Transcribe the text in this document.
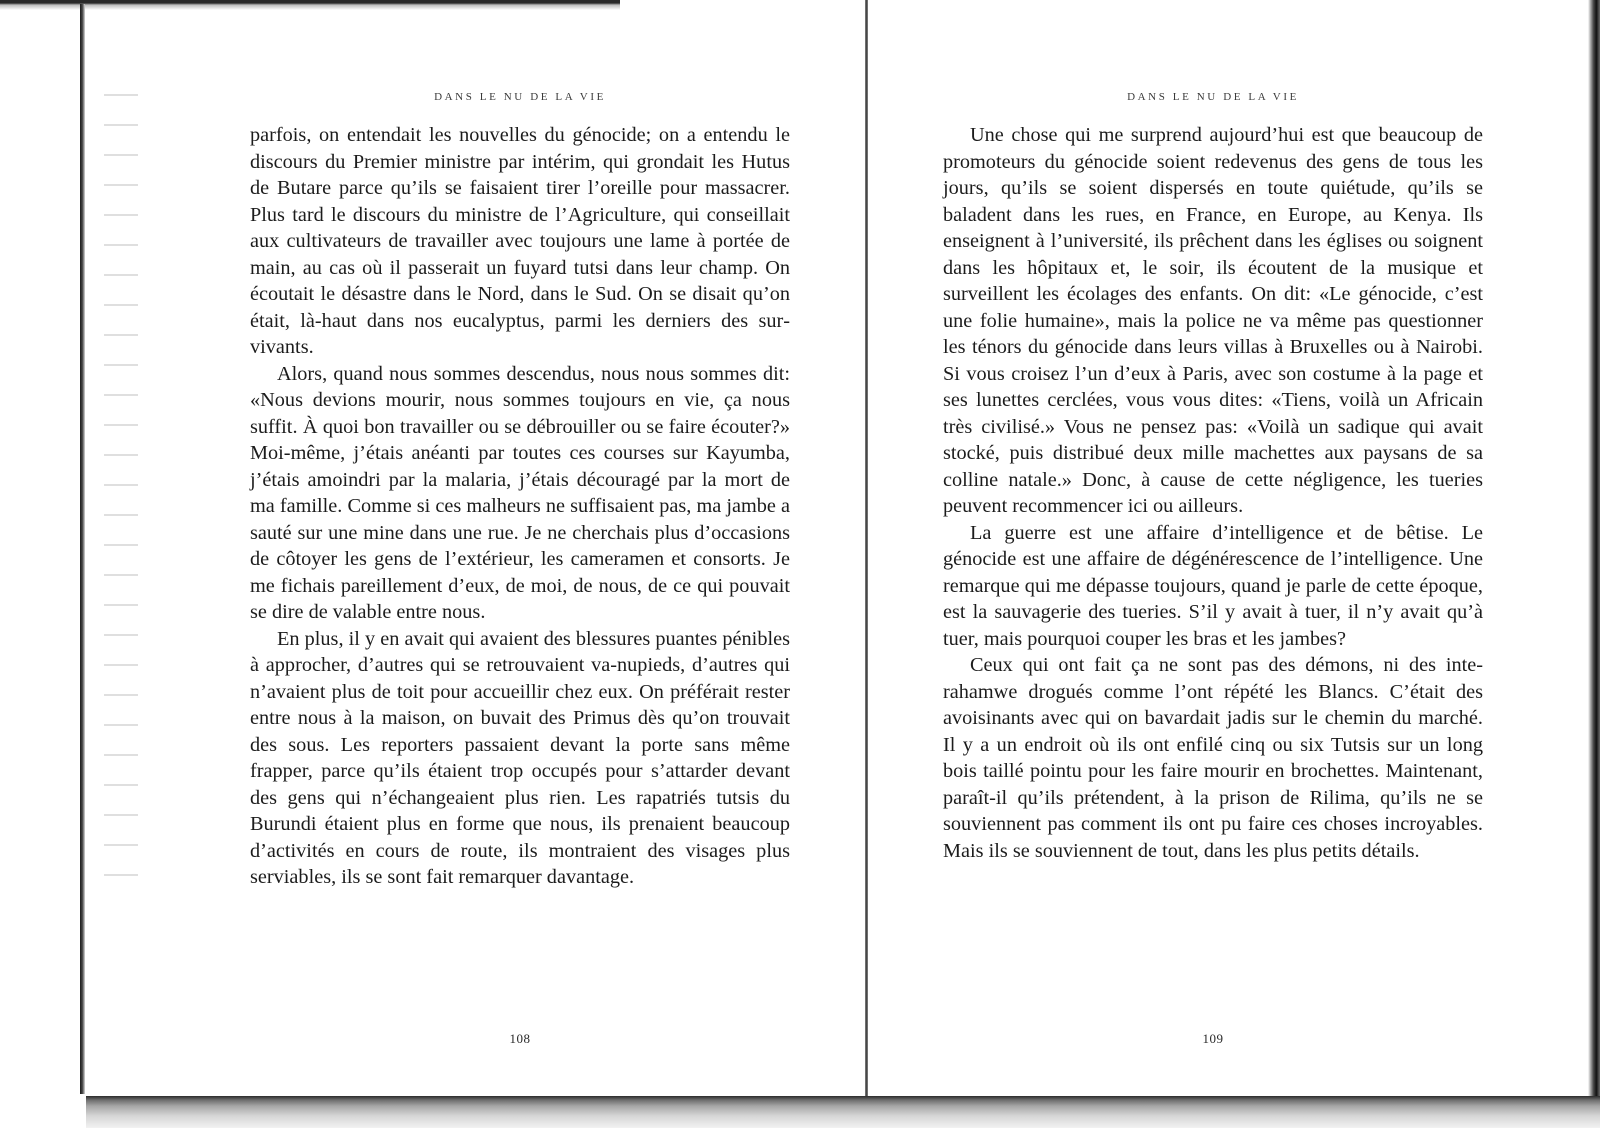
DANS LE NU DE LA VIE

parfois, on entendait les nouvelles du génocide; on a entendu le discours du Premier ministre par intérim, qui grondait les Hutus de Butare parce qu’ils se faisaient tirer l’oreille pour massacrer. Plus tard le discours du ministre de l’Agriculture, qui conseillait aux cultivateurs de travailler avec toujours une lame à portée de main, au cas où il passerait un fuyard tutsi dans leur champ. On écoutait le désastre dans le Nord, dans le Sud. On se disait qu’on était, là-haut dans nos eucalyptus, parmi les derniers des survivants.

Alors, quand nous sommes descendus, nous nous sommes dit: «Nous devions mourir, nous sommes toujours en vie, ça nous suffit. À quoi bon travailler ou se débrouiller ou se faire écouter?» Moi-même, j’étais anéanti par toutes ces courses sur Kayumba, j’étais amoindri par la malaria, j’étais découragé par la mort de ma famille. Comme si ces malheurs ne suffisaient pas, ma jambe a sauté sur une mine dans une rue. Je ne cherchais plus d’occasions de côtoyer les gens de l’extérieur, les cameramen et consorts. Je me fichais pareillement d’eux, de moi, de nous, de ce qui pouvait se dire de valable entre nous.

En plus, il y en avait qui avaient des blessures puantes pénibles à approcher, d’autres qui se retrouvaient va-nupieds, d’autres qui n’avaient plus de toit pour accueillir chez eux. On préférait rester entre nous à la maison, on buvait des Primus dès qu’on trouvait des sous. Les reporters passaient devant la porte sans même frapper, parce qu’ils étaient trop occupés pour s’attarder devant des gens qui n’échangeaient plus rien. Les rapatriés tutsis du Burundi étaient plus en forme que nous, ils prenaient beaucoup d’activités en cours de route, ils montraient des visages plus serviables, ils se sont fait remarquer davantage.

108
DANS LE NU DE LA VIE

Une chose qui me surprend aujourd’hui est que beaucoup de promoteurs du génocide soient redevenus des gens de tous les jours, qu’ils se soient dispersés en toute quiétude, qu’ils se baladent dans les rues, en France, en Europe, au Kenya. Ils enseignent à l’université, ils prêchent dans les églises ou soignent dans les hôpitaux et, le soir, ils écoutent de la musique et surveillent les écolages des enfants. On dit: «Le génocide, c’est une folie humaine», mais la police ne va même pas questionner les ténors du génocide dans leurs villas à Bruxelles ou à Nairobi. Si vous croisez l’un d’eux à Paris, avec son costume à la page et ses lunettes cerclées, vous vous dites: «Tiens, voilà un Africain très civilisé.» Vous ne pensez pas: «Voilà un sadique qui avait stocké, puis distribué deux mille machettes aux paysans de sa colline natale.» Donc, à cause de cette négligence, les tueries peuvent recommencer ici ou ailleurs.

La guerre est une affaire d’intelligence et de bêtise. Le génocide est une affaire de dégénérescence de l’intelligence. Une remarque qui me dépasse toujours, quand je parle de cette époque, est la sauvagerie des tueries. S’il y avait à tuer, il n’y avait qu’à tuer, mais pourquoi couper les bras et les jambes?

Ceux qui ont fait ça ne sont pas des démons, ni des interahamwe drogués comme l’ont répété les Blancs. C’était des avoisinants avec qui on bavardait jadis sur le chemin du marché. Il y a un endroit où ils ont enfilé cinq ou six Tutsis sur un long bois taillé pointu pour les faire mourir en brochettes. Maintenant, paraît-il qu’ils prétendent, à la prison de Rilima, qu’ils ne se souviennent pas comment ils ont pu faire ces choses incroyables. Mais ils se souviennent de tout, dans les plus petits détails.

109
